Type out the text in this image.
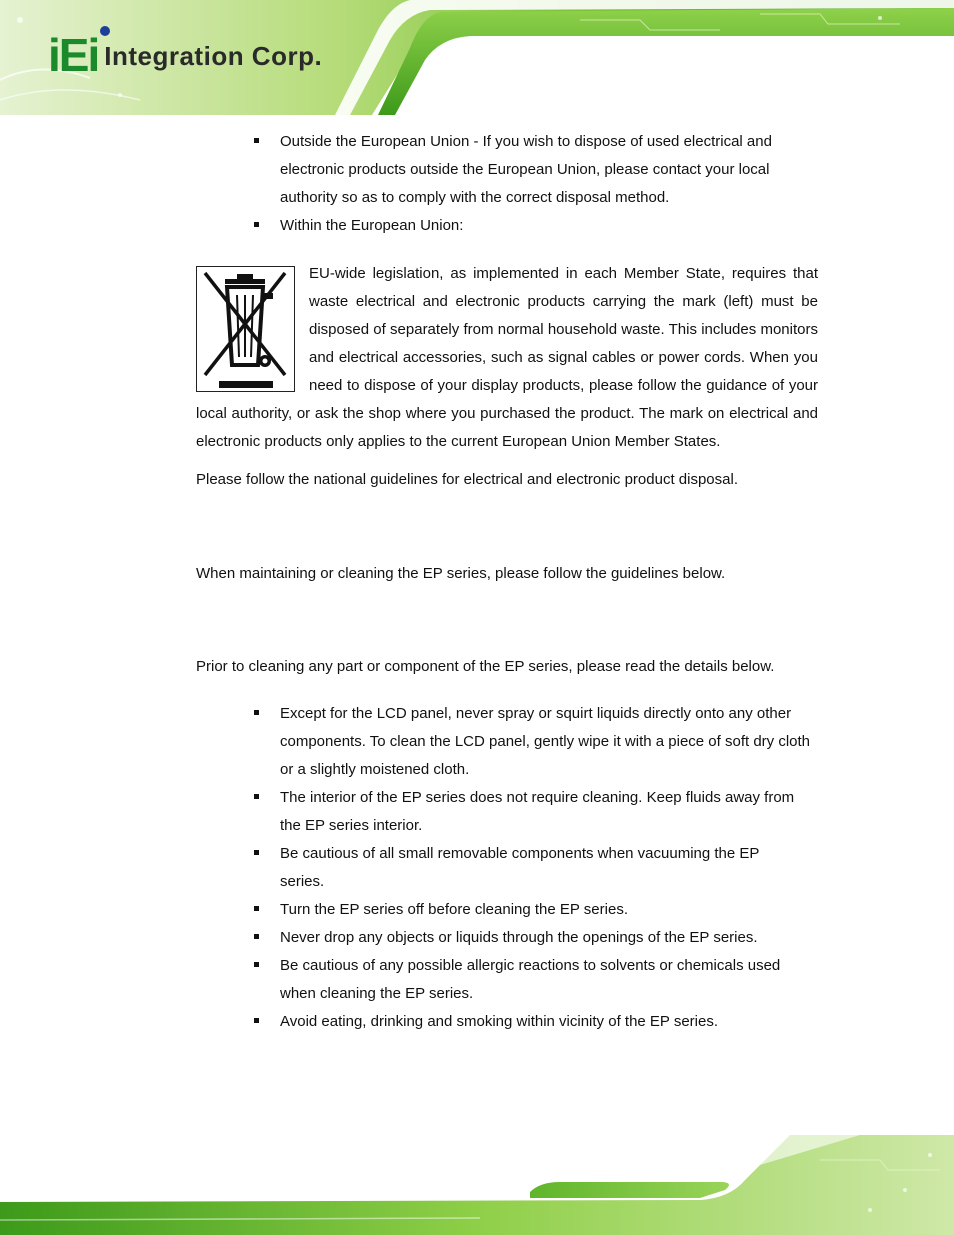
iEi Integration Corp.
Outside the European Union - If you wish to dispose of used electrical and electronic products outside the European Union, please contact your local authority so as to comply with the correct disposal method.
Within the European Union:

EU-wide legislation, as implemented in each Member State, requires that waste electrical and electronic products carrying the mark (left) must be disposed of separately from normal household waste. This includes monitors and electrical accessories, such as signal cables or power cords. When you need to dispose of your display products, please follow the guidance of your local authority, or ask the shop where you purchased the product. The mark on electrical and electronic products only applies to the current European Union Member States.

Please follow the national guidelines for electrical and electronic product disposal.

When maintaining or cleaning the EP series, please follow the guidelines below.

Prior to cleaning any part or component of the EP series, please read the details below.

Except for the LCD panel, never spray or squirt liquids directly onto any other components. To clean the LCD panel, gently wipe it with a piece of soft dry cloth or a slightly moistened cloth.
The interior of the EP series does not require cleaning. Keep fluids away from the EP series interior.
Be cautious of all small removable components when vacuuming the EP series.
Turn the EP series off before cleaning the EP series.
Never drop any objects or liquids through the openings of the EP series.
Be cautious of any possible allergic reactions to solvents or chemicals used when cleaning the EP series.
Avoid eating, drinking and smoking within vicinity of the EP series.
